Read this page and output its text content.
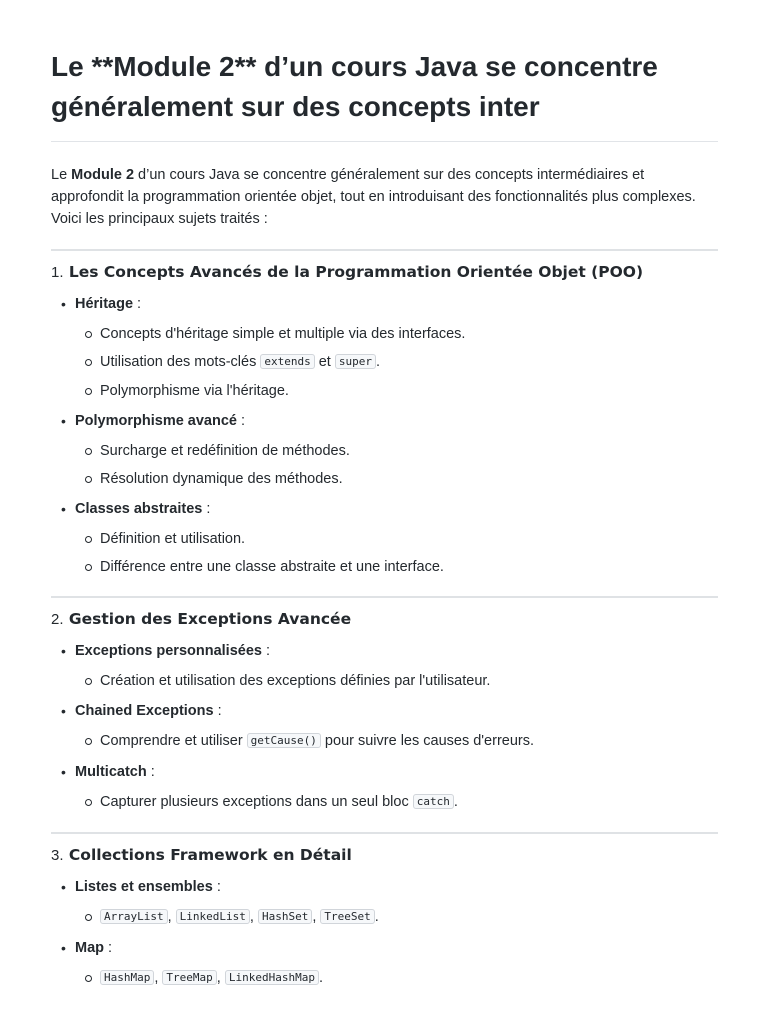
Le **Module 2** d’un cours Java se concentre généralement sur des concepts inter

Le Module 2 d’un cours Java se concentre généralement sur des concepts intermédiaires et approfondit la programmation orientée objet, tout en introduisant des fonctionnalités plus complexes. Voici les principaux sujets traités :

1. Les Concepts Avancés de la Programmation Orientée Objet (POO)
• Héritage :
Concepts d'héritage simple et multiple via des interfaces.
Utilisation des mots-clés extends et super .
Polymorphisme via l'héritage.
• Polymorphisme avancé :
Surcharge et redéfinition de méthodes.
Résolution dynamique des méthodes.
• Classes abstraites :
Définition et utilisation.
Différence entre une classe abstraite et une interface.
2. Gestion des Exceptions Avancée
• Exceptions personnalisées :
Création et utilisation des exceptions définies par l'utilisateur.
• Chained Exceptions :
Comprendre et utiliser getCause() pour suivre les causes d'erreurs.
• Multicatch :
Capturer plusieurs exceptions dans un seul bloc catch .
3. Collections Framework en Détail
• Listes et ensembles :
ArrayList , LinkedList , HashSet , TreeSet .
• Map :
HashMap , TreeMap , LinkedHashMap .
